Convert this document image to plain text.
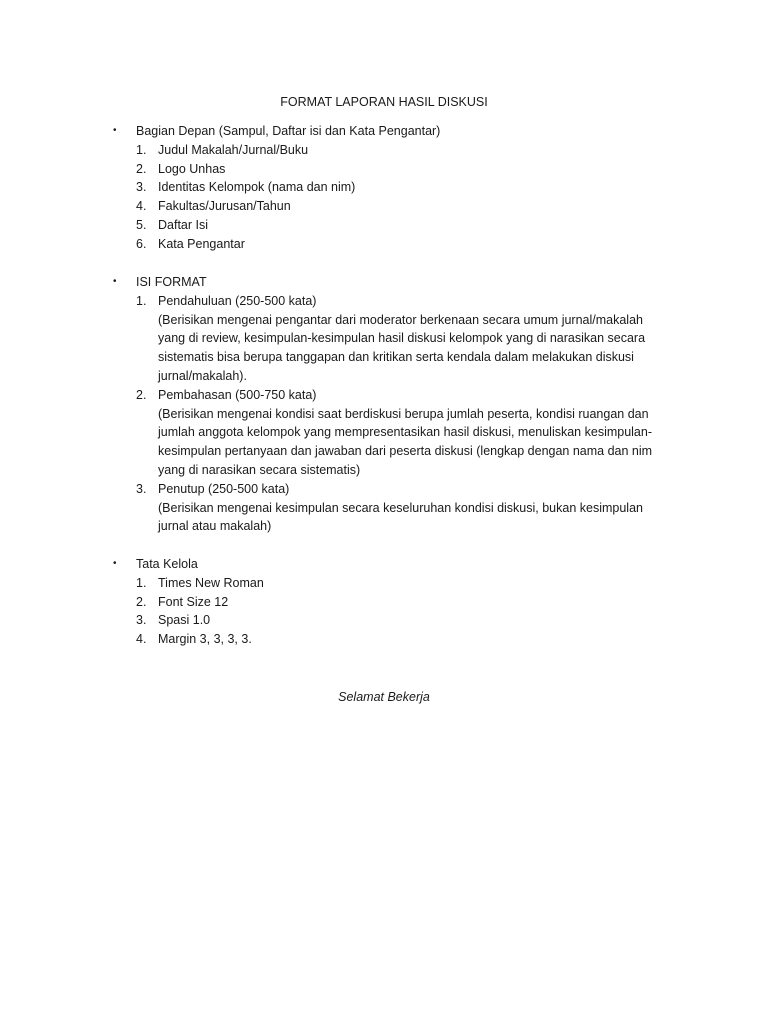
FORMAT LAPORAN HASIL DISKUSI
• Bagian Depan (Sampul, Daftar isi dan Kata Pengantar)
1. Judul Makalah/Jurnal/Buku
2. Logo Unhas
3. Identitas Kelompok (nama dan nim)
4. Fakultas/Jurusan/Tahun
5. Daftar Isi
6. Kata Pengantar
• ISI FORMAT
1. Pendahuluan (250-500 kata)
(Berisikan mengenai pengantar dari moderator berkenaan secara umum jurnal/makalah
yang di review, kesimpulan-kesimpulan hasil diskusi kelompok yang di narasikan secara
sistematis bisa berupa tanggapan dan kritikan serta kendala dalam melakukan diskusi
jurnal/makalah).
2. Pembahasan (500-750 kata)
(Berisikan mengenai kondisi saat berdiskusi berupa jumlah peserta, kondisi ruangan dan
jumlah anggota kelompok yang mempresentasikan hasil diskusi, menuliskan kesimpulan-
kesimpulan pertanyaan dan jawaban dari peserta diskusi (lengkap dengan nama dan nim
yang di narasikan secara sistematis)
3. Penutup (250-500 kata)
(Berisikan mengenai kesimpulan secara keseluruhan kondisi diskusi, bukan kesimpulan
jurnal atau makalah)
• Tata Kelola
1. Times New Roman
2. Font Size 12
3. Spasi 1.0
4. Margin 3, 3, 3, 3.
Selamat Bekerja
